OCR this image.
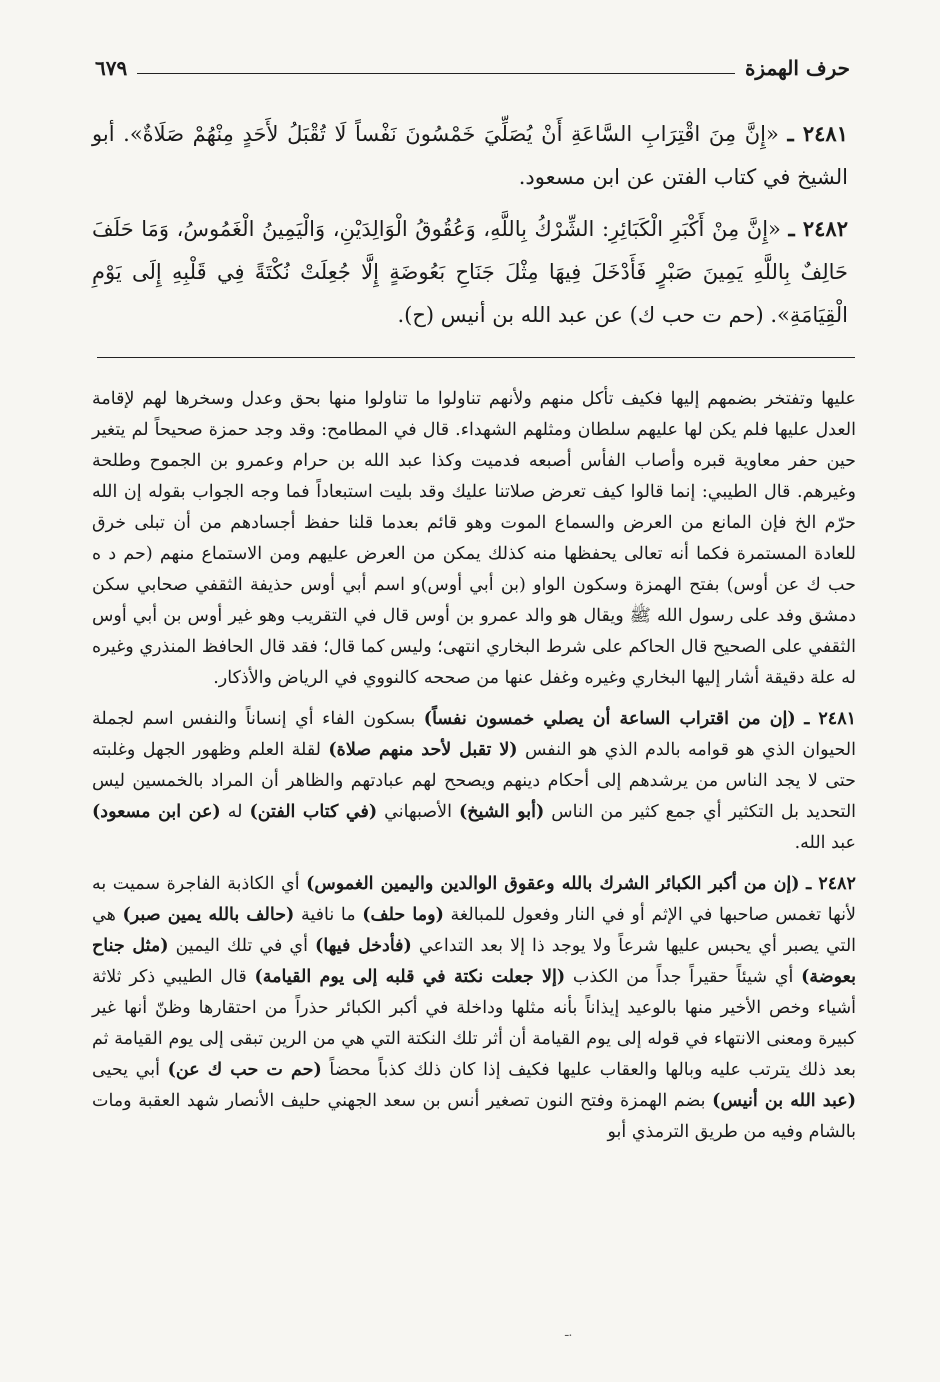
حرف الهمزة
٦٧٩

٢٤٨١ ـ «إِنَّ مِنَ اقْتِرَابِ السَّاعَةِ أَنْ يُصَلِّيَ خَمْسُونَ نَفْساً لَا تُقْبَلُ لأَحَدٍ مِنْهُمْ صَلَاةٌ». أبو الشيخ في كتاب الفتن عن ابن مسعود.

٢٤٨٢ ـ «إِنَّ مِنْ أَكْبَرِ الْكَبَائِرِ: الشِّرْكُ بِاللَّهِ، وَعُقُوقُ الْوَالِدَيْنِ، وَالْيَمِينُ الْغَمُوسُ، وَمَا حَلَفَ حَالِفٌ بِاللَّهِ يَمِينَ صَبْرٍ فَأَدْخَلَ فِيهَا مِثْلَ جَنَاحِ بَعُوضَةٍ إِلَّا جُعِلَتْ نُكْتَةً فِي قَلْبِهِ إِلَى يَوْمِ الْقِيَامَةِ». (حم ت حب ك) عن عبد الله بن أنيس (ح).

عليها وتفتخر بضمهم إليها فكيف تأكل منهم ولأنهم تناولوا ما تناولوا منها بحق وعدل وسخرها لهم لإقامة العدل عليها فلم يكن لها عليهم سلطان ومثلهم الشهداء. قال في المطامح: وقد وجد حمزة صحيحاً لم يتغير حين حفر معاوية قبره وأصاب الفأس أصبعه فدميت وكذا عبد الله بن حرام وعمرو بن الجموح وطلحة وغيرهم. قال الطيبي: إنما قالوا كيف تعرض صلاتنا عليك وقد بليت استبعاداً فما وجه الجواب بقوله إن الله حرّم الخ فإن المانع من العرض والسماع الموت وهو قائم بعدما قلنا حفظ أجسادهم من أن تبلى خرق للعادة المستمرة فكما أنه تعالى يحفظها منه كذلك يمكن من العرض عليهم ومن الاستماع منهم (حم د ه حب ك عن أوس) بفتح الهمزة وسكون الواو (بن أبي أوس)و اسم أبي أوس حذيفة الثقفي صحابي سكن دمشق وفد على رسول الله ﷺ ويقال هو والد عمرو بن أوس قال في التقريب وهو غير أوس بن أبي أوس الثقفي على الصحيح قال الحاكم على شرط البخاري انتهى؛ وليس كما قال؛ فقد قال الحافظ المنذري وغيره له علة دقيقة أشار إليها البخاري وغيره وغفل عنها من صححه كالنووي في الرياض والأذكار.

٢٤٨١ ـ (إن من اقتراب الساعة أن يصلي خمسون نفساً) بسكون الفاء أي إنساناً والنفس اسم لجملة الحيوان الذي هو قوامه بالدم الذي هو النفس (لا تقبل لأحد منهم صلاة) لقلة العلم وظهور الجهل وغلبته حتى لا يجد الناس من يرشدهم إلى أحكام دينهم ويصحح لهم عبادتهم والظاهر أن المراد بالخمسين ليس التحديد بل التكثير أي جمع كثير من الناس (أبو الشيخ) الأصبهاني (في كتاب الفتن) له (عن ابن مسعود) عبد الله.

٢٤٨٢ ـ (إن من أكبر الكبائر الشرك بالله وعقوق الوالدين واليمين الغموس) أي الكاذبة الفاجرة سميت به لأنها تغمس صاحبها في الإثم أو في النار وفعول للمبالغة (وما حلف) ما نافية (حالف بالله يمين صبر) هي التي يصبر أي يحبس عليها شرعاً ولا يوجد ذا إلا بعد التداعي (فأدخل فيها) أي في تلك اليمين (مثل جناح بعوضة) أي شيئاً حقيراً جداً من الكذب (إلا جعلت نكتة في قلبه إلى يوم القيامة) قال الطيبي ذكر ثلاثة أشياء وخص الأخير منها بالوعيد إيذاناً بأنه مثلها وداخلة في أكبر الكبائر حذراً من احتقارها وظنّ أنها غير كبيرة ومعنى الانتهاء في قوله إلى يوم القيامة أن أثر تلك النكتة التي هي من الرين تبقى إلى يوم القيامة ثم بعد ذلك يترتب عليه وبالها والعقاب عليها فكيف إذا كان ذلك كذباً محضاً (حم ت حب ك عن) أبي يحيى (عبد الله بن أنيس) بضم الهمزة وفتح النون تصغير أنس بن سعد الجهني حليف الأنصار شهد العقبة ومات بالشام وفيه من طريق الترمذي أبو

ـ.
